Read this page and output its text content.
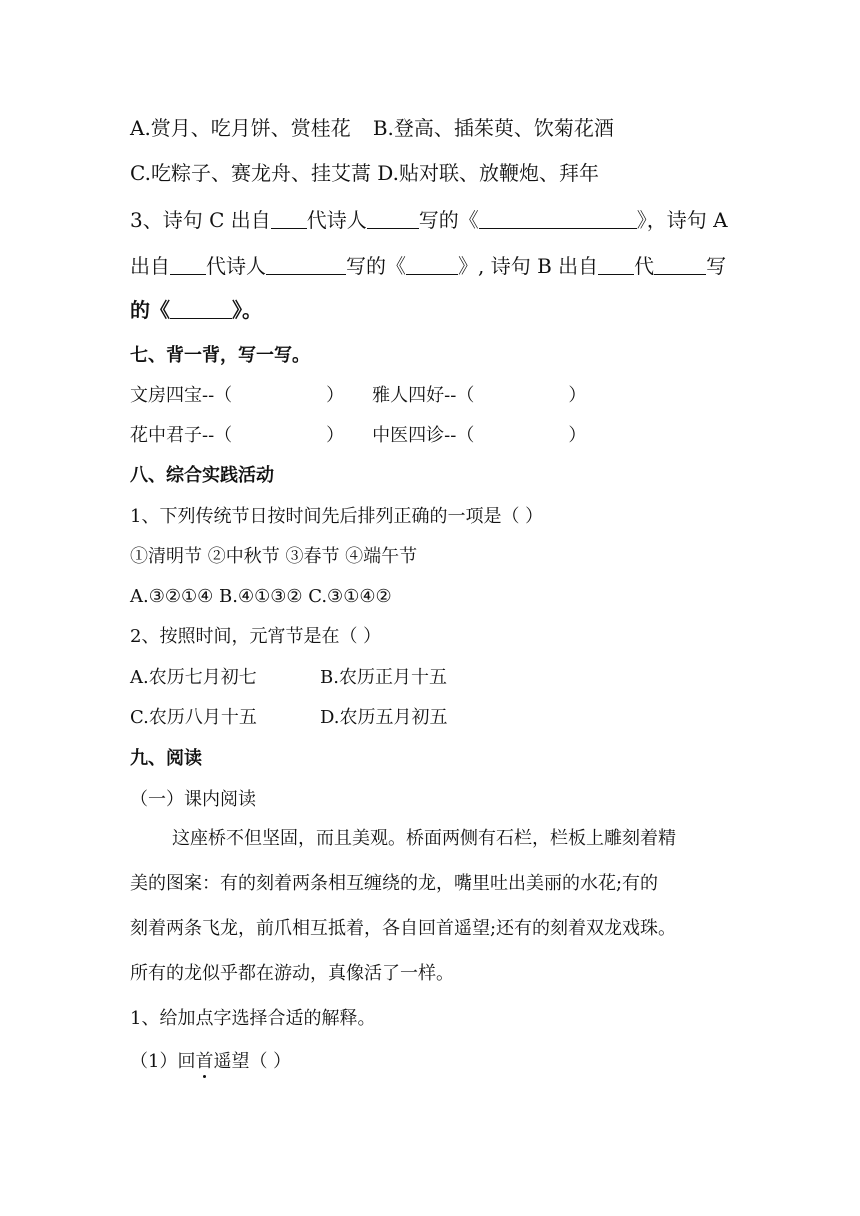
A.赏月、吃月饼、赏桂花 B.登高、插茱萸、饮菊花酒
C.吃粽子、赛龙舟、挂艾蒿 D.贴对联、放鞭炮、拜年
3、诗句 C 出自 代诗人	写的《	》，诗句 A
出自 代诗人	写的《	》, 诗句 B 出自 代	写
的《	》。
七、背一背，写一写。
文房四宝--（	） 雅人四好--（	）
花中君子--（	） 中医四诊--（	）
八、综合实践活动
1、下列传统节日按时间先后排列正确的一项是（ ）
①清明节 ②中秋节 ③春节 ④端午节
A.③②①④ B.④①③② C.③①④②
2、按照时间，元宵节是在（ ）
A.农历七月初七	B.农历正月十五
C.农历八月十五	D.农历五月初五
九、阅读
（一）课内阅读
这座桥不但坚固，而且美观。桥面两侧有石栏，栏板上雕刻着精
美的图案：有的刻着两条相互缠绕的龙，嘴里吐出美丽的水花;有的
刻着两条飞龙，前爪相互抵着，各自回首遥望;还有的刻着双龙戏珠。
所有的龙似乎都在游动，真像活了一样。
1、给加点字选择合适的解释。
（1）回首遥望（ ）
